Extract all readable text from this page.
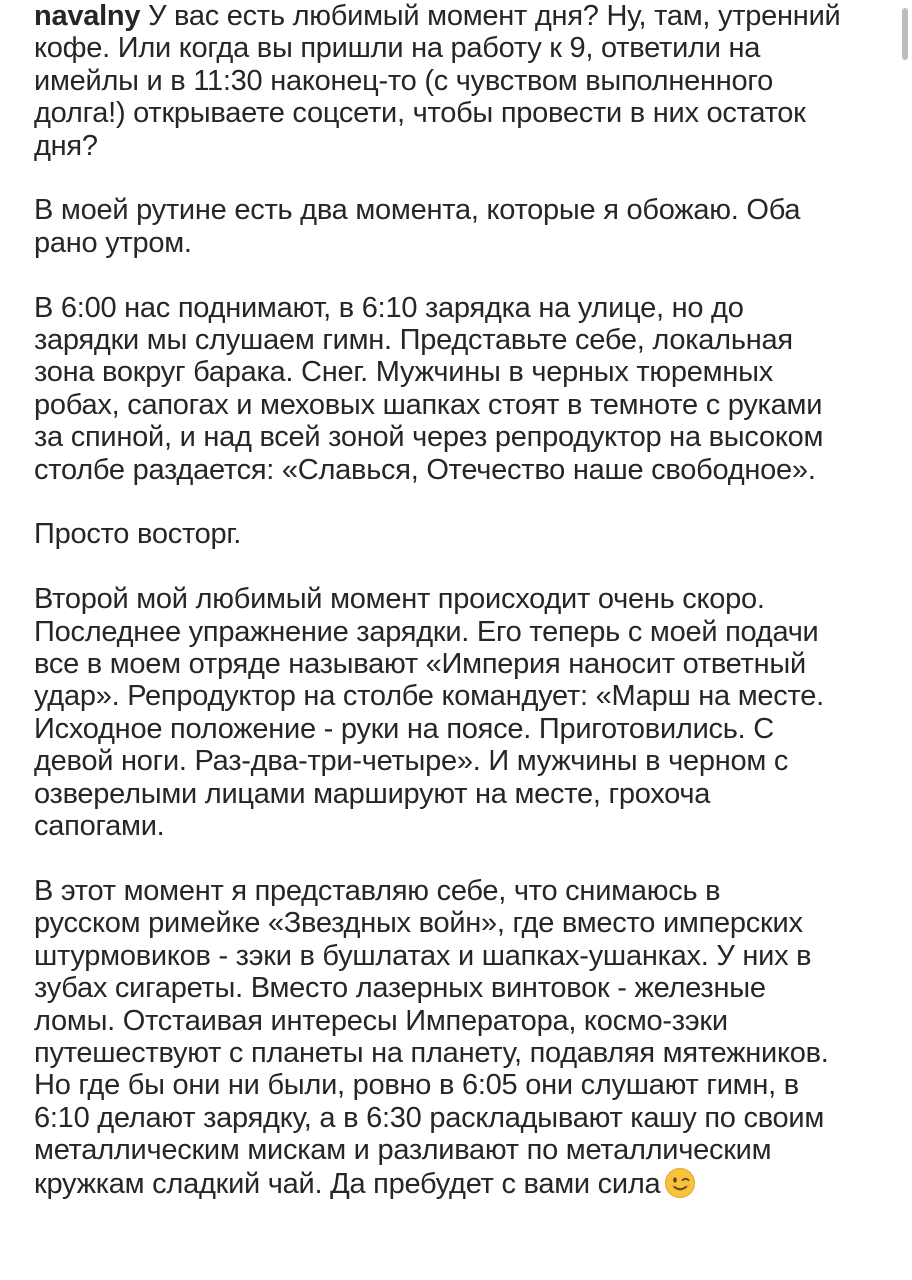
navalny У вас есть любимый момент дня? Ну, там, утренний
кофе. Или когда вы пришли на работу к 9, ответили на
имейлы и в 11:30 наконец-то (с чувством выполненного
долга!) открываете соцсети, чтобы провести в них остаток
дня?
В моей рутине есть два момента, которые я обожаю. Оба
рано утром.
В 6:00 нас поднимают, в 6:10 зарядка на улице, но до
зарядки мы слушаем гимн. Представьте себе, локальная
зона вокруг барака. Снег. Мужчины в черных тюремных
робах, сапогах и меховых шапках стоят в темноте с руками
за спиной, и над всей зоной через репродуктор на высоком
столбе раздается: «Славься, Отечество наше свободное».
Просто восторг.
Второй мой любимый момент происходит очень скоро.
Последнее упражнение зарядки. Его теперь с моей подачи
все в моем отряде называют «Империя наносит ответный
удар». Репродуктор на столбе командует: «Марш на месте.
Исходное положение - руки на поясе. Приготовились. С
девой ноги. Раз-два-три-четыре». И мужчины в черном с
озверелыми лицами маршируют на месте, грохоча
сапогами.
В этот момент я представляю себе, что снимаюсь в
русском римейке «Звездных войн», где вместо имперских
штурмовиков - зэки в бушлатах и шапках-ушанках. У них в
зубах сигареты. Вместо лазерных винтовок - железные
ломы. Отстаивая интересы Императора, космо-зэки
путешествуют с планеты на планету, подавляя мятежников.
Но где бы они ни были, ровно в 6:05 они слушают гимн, в
6:10 делают зарядку, а в 6:30 раскладывают кашу по своим
металлическим мискам и разливают по металлическим
кружкам сладкий чай. Да пребудет с вами сила
